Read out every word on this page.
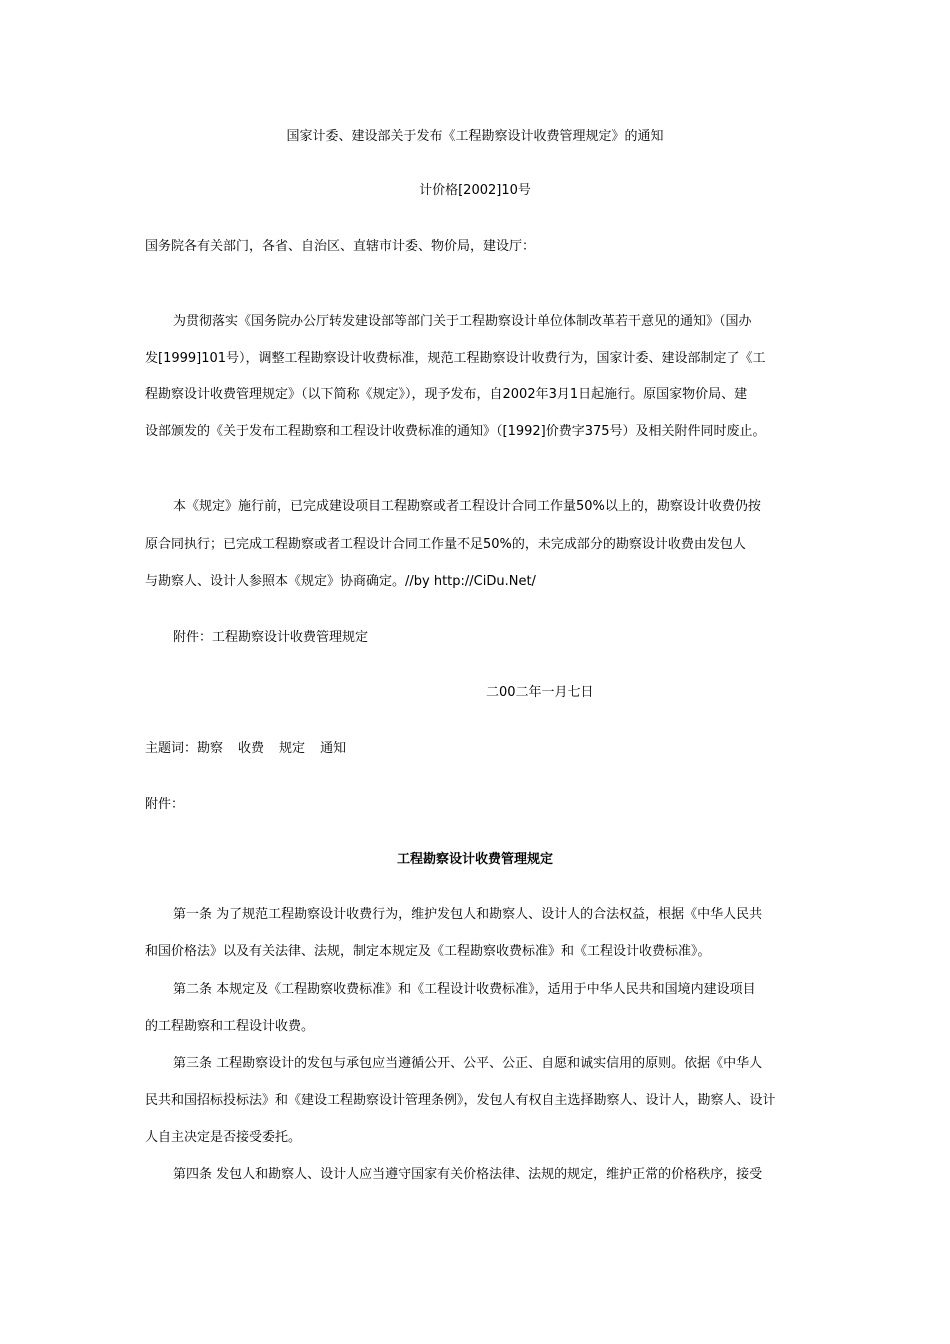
国家计委、建设部关于发布《工程勘察设计收费管理规定》的通知
计价格[2002]10号
国务院各有关部门，各省、自治区、直辖市计委、物价局，建设厅：
为贯彻落实《国务院办公厅转发建设部等部门关于工程勘察设计单位体制改革若干意见的通知》（国办
发[1999]101号），调整工程勘察设计收费标准，规范工程勘察设计收费行为，国家计委、建设部制定了《工
程勘察设计收费管理规定》（以下简称《规定》），现予发布，自2002年3月1日起施行。原国家物价局、建
设部颁发的《关于发布工程勘察和工程设计收费标准的通知》（[1992]价费字375号）及相关附件同时废止。
本《规定》施行前，已完成建设项目工程勘察或者工程设计合同工作量50%以上的，勘察设计收费仍按
原合同执行；已完成工程勘察或者工程设计合同工作量不足50%的，未完成部分的勘察设计收费由发包人
与勘察人、设计人参照本《规定》协商确定。//by http://CiDu.Net/
附件：工程勘察设计收费管理规定
二00二年一月七日
主题词：勘察 收费 规定 通知
附件：
工程勘察设计收费管理规定
第一条 为了规范工程勘察设计收费行为，维护发包人和勘察人、设计人的合法权益，根据《中华人民共
和国价格法》以及有关法律、法规，制定本规定及《工程勘察收费标准》和《工程设计收费标准》。
第二条 本规定及《工程勘察收费标准》和《工程设计收费标准》，适用于中华人民共和国境内建设项目
的工程勘察和工程设计收费。
第三条 工程勘察设计的发包与承包应当遵循公开、公平、公正、自愿和诚实信用的原则。依据《中华人
民共和国招标投标法》和《建设工程勘察设计管理条例》，发包人有权自主选择勘察人、设计人，勘察人、设计
人自主决定是否接受委托。
第四条 发包人和勘察人、设计人应当遵守国家有关价格法律、法规的规定，维护正常的价格秩序，接受
